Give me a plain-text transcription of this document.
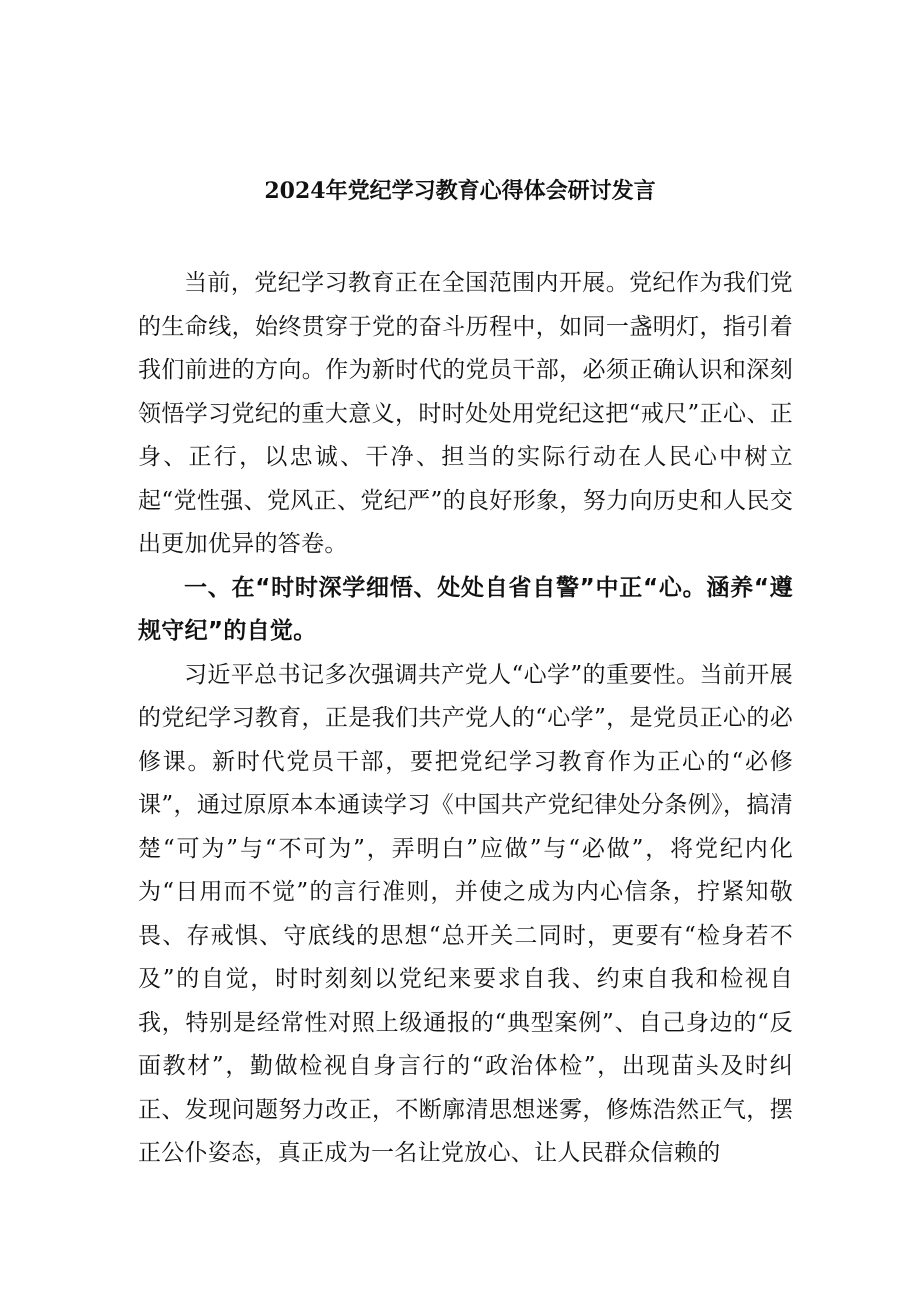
2024年党纪学习教育心得体会研讨发言

当前，党纪学习教育正在全国范围内开展。党纪作为我们党的生命线，始终贯穿于党的奋斗历程中，如同一盏明灯，指引着我们前进的方向。作为新时代的党员干部，必须正确认识和深刻领悟学习党纪的重大意义，时时处处用党纪这把“戒尺”正心、正身、正行，以忠诚、干净、担当的实际行动在人民心中树立起“党性强、党风正、党纪严”的良好形象，努力向历史和人民交出更加优异的答卷。

一、在“时时深学细悟、处处自省自警”中正“心。涵养“遵规守纪”的自觉。

习近平总书记多次强调共产党人“心学”的重要性。当前开展的党纪学习教育，正是我们共产党人的“心学”，是党员正心的必修课。新时代党员干部，要把党纪学习教育作为正心的“必修课”，通过原原本本通读学习《中国共产党纪律处分条例》，搞清楚“可为”与“不可为”，弄明白”应做”与“必做”，将党纪内化为“日用而不觉”的言行准则，并使之成为内心信条，拧紧知敬畏、存戒惧、守底线的思想“总开关二同时，更要有“检身若不及”的自觉，时时刻刻以党纪来要求自我、约束自我和检视自我，特别是经常性对照上级通报的“典型案例”、自己身边的“反面教材”，勤做检视自身言行的“政治体检”，出现苗头及时纠正、发现问题努力改正，不断廓清思想迷雾，修炼浩然正气，摆正公仆姿态，真正成为一名让党放心、让人民群众信赖的
